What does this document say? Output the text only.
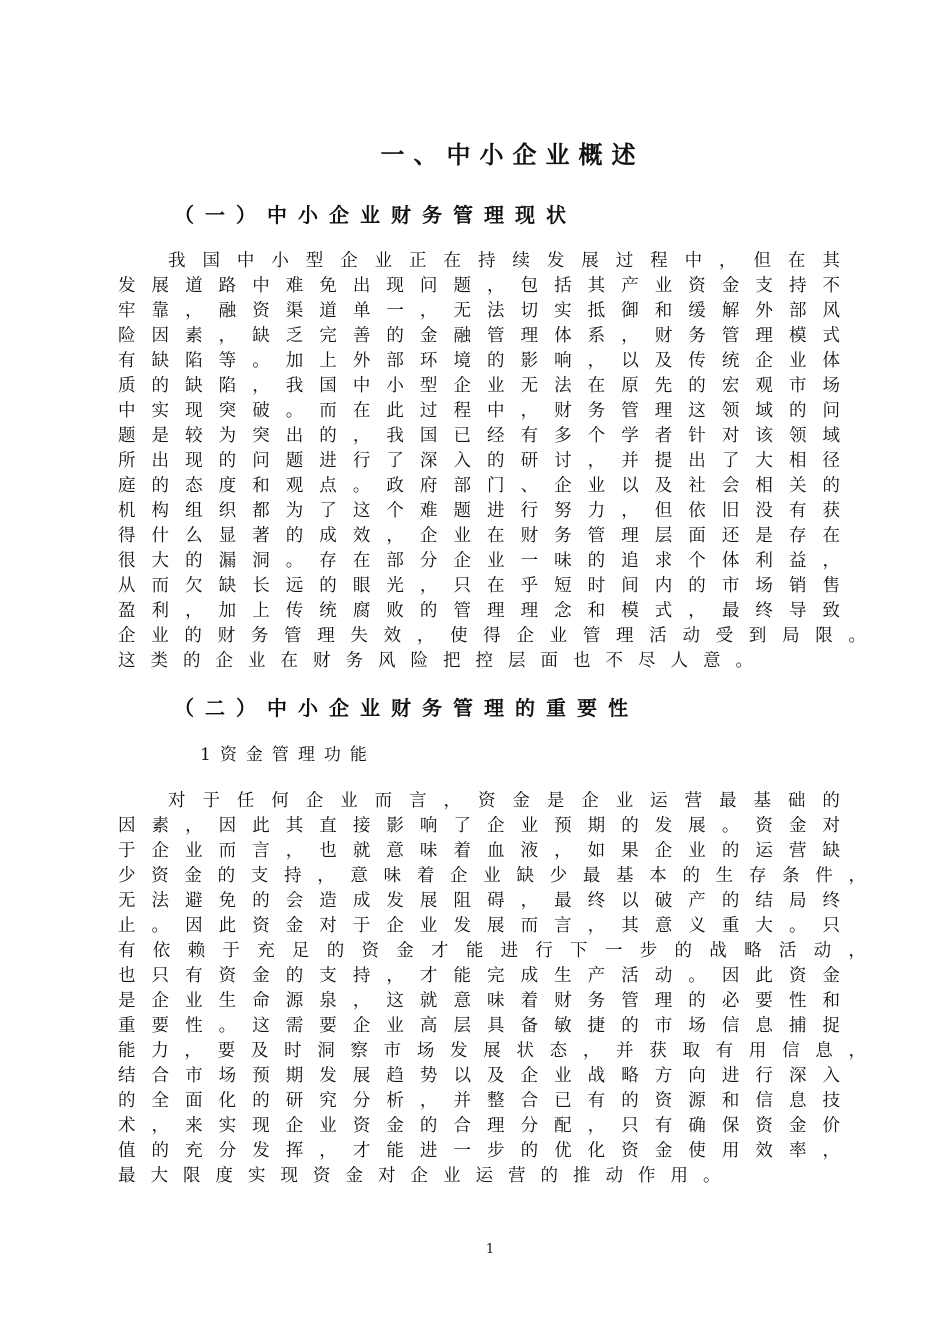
一、中小企业概述
（一）中小企业财务管理现状
我 国 中 小 型 企 业 正 在 持 续 发 展 过 程 中 ， 但 在 其
发 展 道 路 中 难 免 出 现 问 题 ， 包 括 其 产 业 资 金 支 持 不
牢 靠 ， 融 资 渠 道 单 一 ， 无 法 切 实 抵 御 和 缓 解 外 部 风
险 因 素 ， 缺 乏 完 善 的 金 融 管 理 体 系 ， 财 务 管 理 模 式
有 缺 陷 等 。 加 上 外 部 环 境 的 影 响 ， 以 及 传 统 企 业 体
质 的 缺 陷 ， 我 国 中 小 型 企 业 无 法 在 原 先 的 宏 观 市 场
中 实 现 突 破 。 而 在 此 过 程 中 ， 财 务 管 理 这 领 域 的 问
题 是 较 为 突 出 的 ， 我 国 已 经 有 多 个 学 者 针 对 该 领 域
所 出 现 的 问 题 进 行 了 深 入 的 研 讨 ， 并 提 出 了 大 相 径
庭 的 态 度 和 观 点 。 政 府 部 门 、 企 业 以 及 社 会 相 关 的
机 构 组 织 都 为 了 这 个 难 题 进 行 努 力 ， 但 依 旧 没 有 获
得 什 么 显 著 的 成 效 ， 企 业 在 财 务 管 理 层 面 还 是 存 在
很 大 的 漏 洞 。 存 在 部 分 企 业 一 味 的 追 求 个 体 利 益 ，
从 而 欠 缺 长 远 的 眼 光 ， 只 在 乎 短 时 间 内 的 市 场 销 售
盈 利 ， 加 上 传 统 腐 败 的 管 理 理 念 和 模 式 ， 最 终 导 致
企 业 的 财 务 管 理 失 效 ， 使 得 企 业 管 理 活 动 受 到 局 限 。
这 类 的 企 业 在 财 务 风 险 把 控 层 面 也 不 尽 人 意 。
（二）中小企业财务管理的重要性
1资金管理功能
对 于 任 何 企 业 而 言 ， 资 金 是 企 业 运 营 最 基 础 的
因 素 ， 因 此 其 直 接 影 响 了 企 业 预 期 的 发 展 。 资 金 对
于 企 业 而 言 ， 也 就 意 味 着 血 液 ， 如 果 企 业 的 运 营 缺
少 资 金 的 支 持 ， 意 味 着 企 业 缺 少 最 基 本 的 生 存 条 件 ，
无 法 避 免 的 会 造 成 发 展 阻 碍 ， 最 终 以 破 产 的 结 局 终
止 。 因 此 资 金 对 于 企 业 发 展 而 言 ， 其 意 义 重 大 。 只
有 依 赖 于 充 足 的 资 金 才 能 进 行 下 一 步 的 战 略 活 动 ，
也 只 有 资 金 的 支 持 ， 才 能 完 成 生 产 活 动 。 因 此 资 金
是 企 业 生 命 源 泉 ， 这 就 意 味 着 财 务 管 理 的 必 要 性 和
重 要 性 。 这 需 要 企 业 高 层 具 备 敏 捷 的 市 场 信 息 捕 捉
能 力 ， 要 及 时 洞 察 市 场 发 展 状 态 ， 并 获 取 有 用 信 息 ，
结 合 市 场 预 期 发 展 趋 势 以 及 企 业 战 略 方 向 进 行 深 入
的 全 面 化 的 研 究 分 析 ， 并 整 合 已 有 的 资 源 和 信 息 技
术 ， 来 实 现 企 业 资 金 的 合 理 分 配 ， 只 有 确 保 资 金 价
值 的 充 分 发 挥 ， 才 能 进 一 步 的 优 化 资 金 使 用 效 率 ，
最 大 限 度 实 现 资 金 对 企 业 运 营 的 推 动 作 用 。
1
